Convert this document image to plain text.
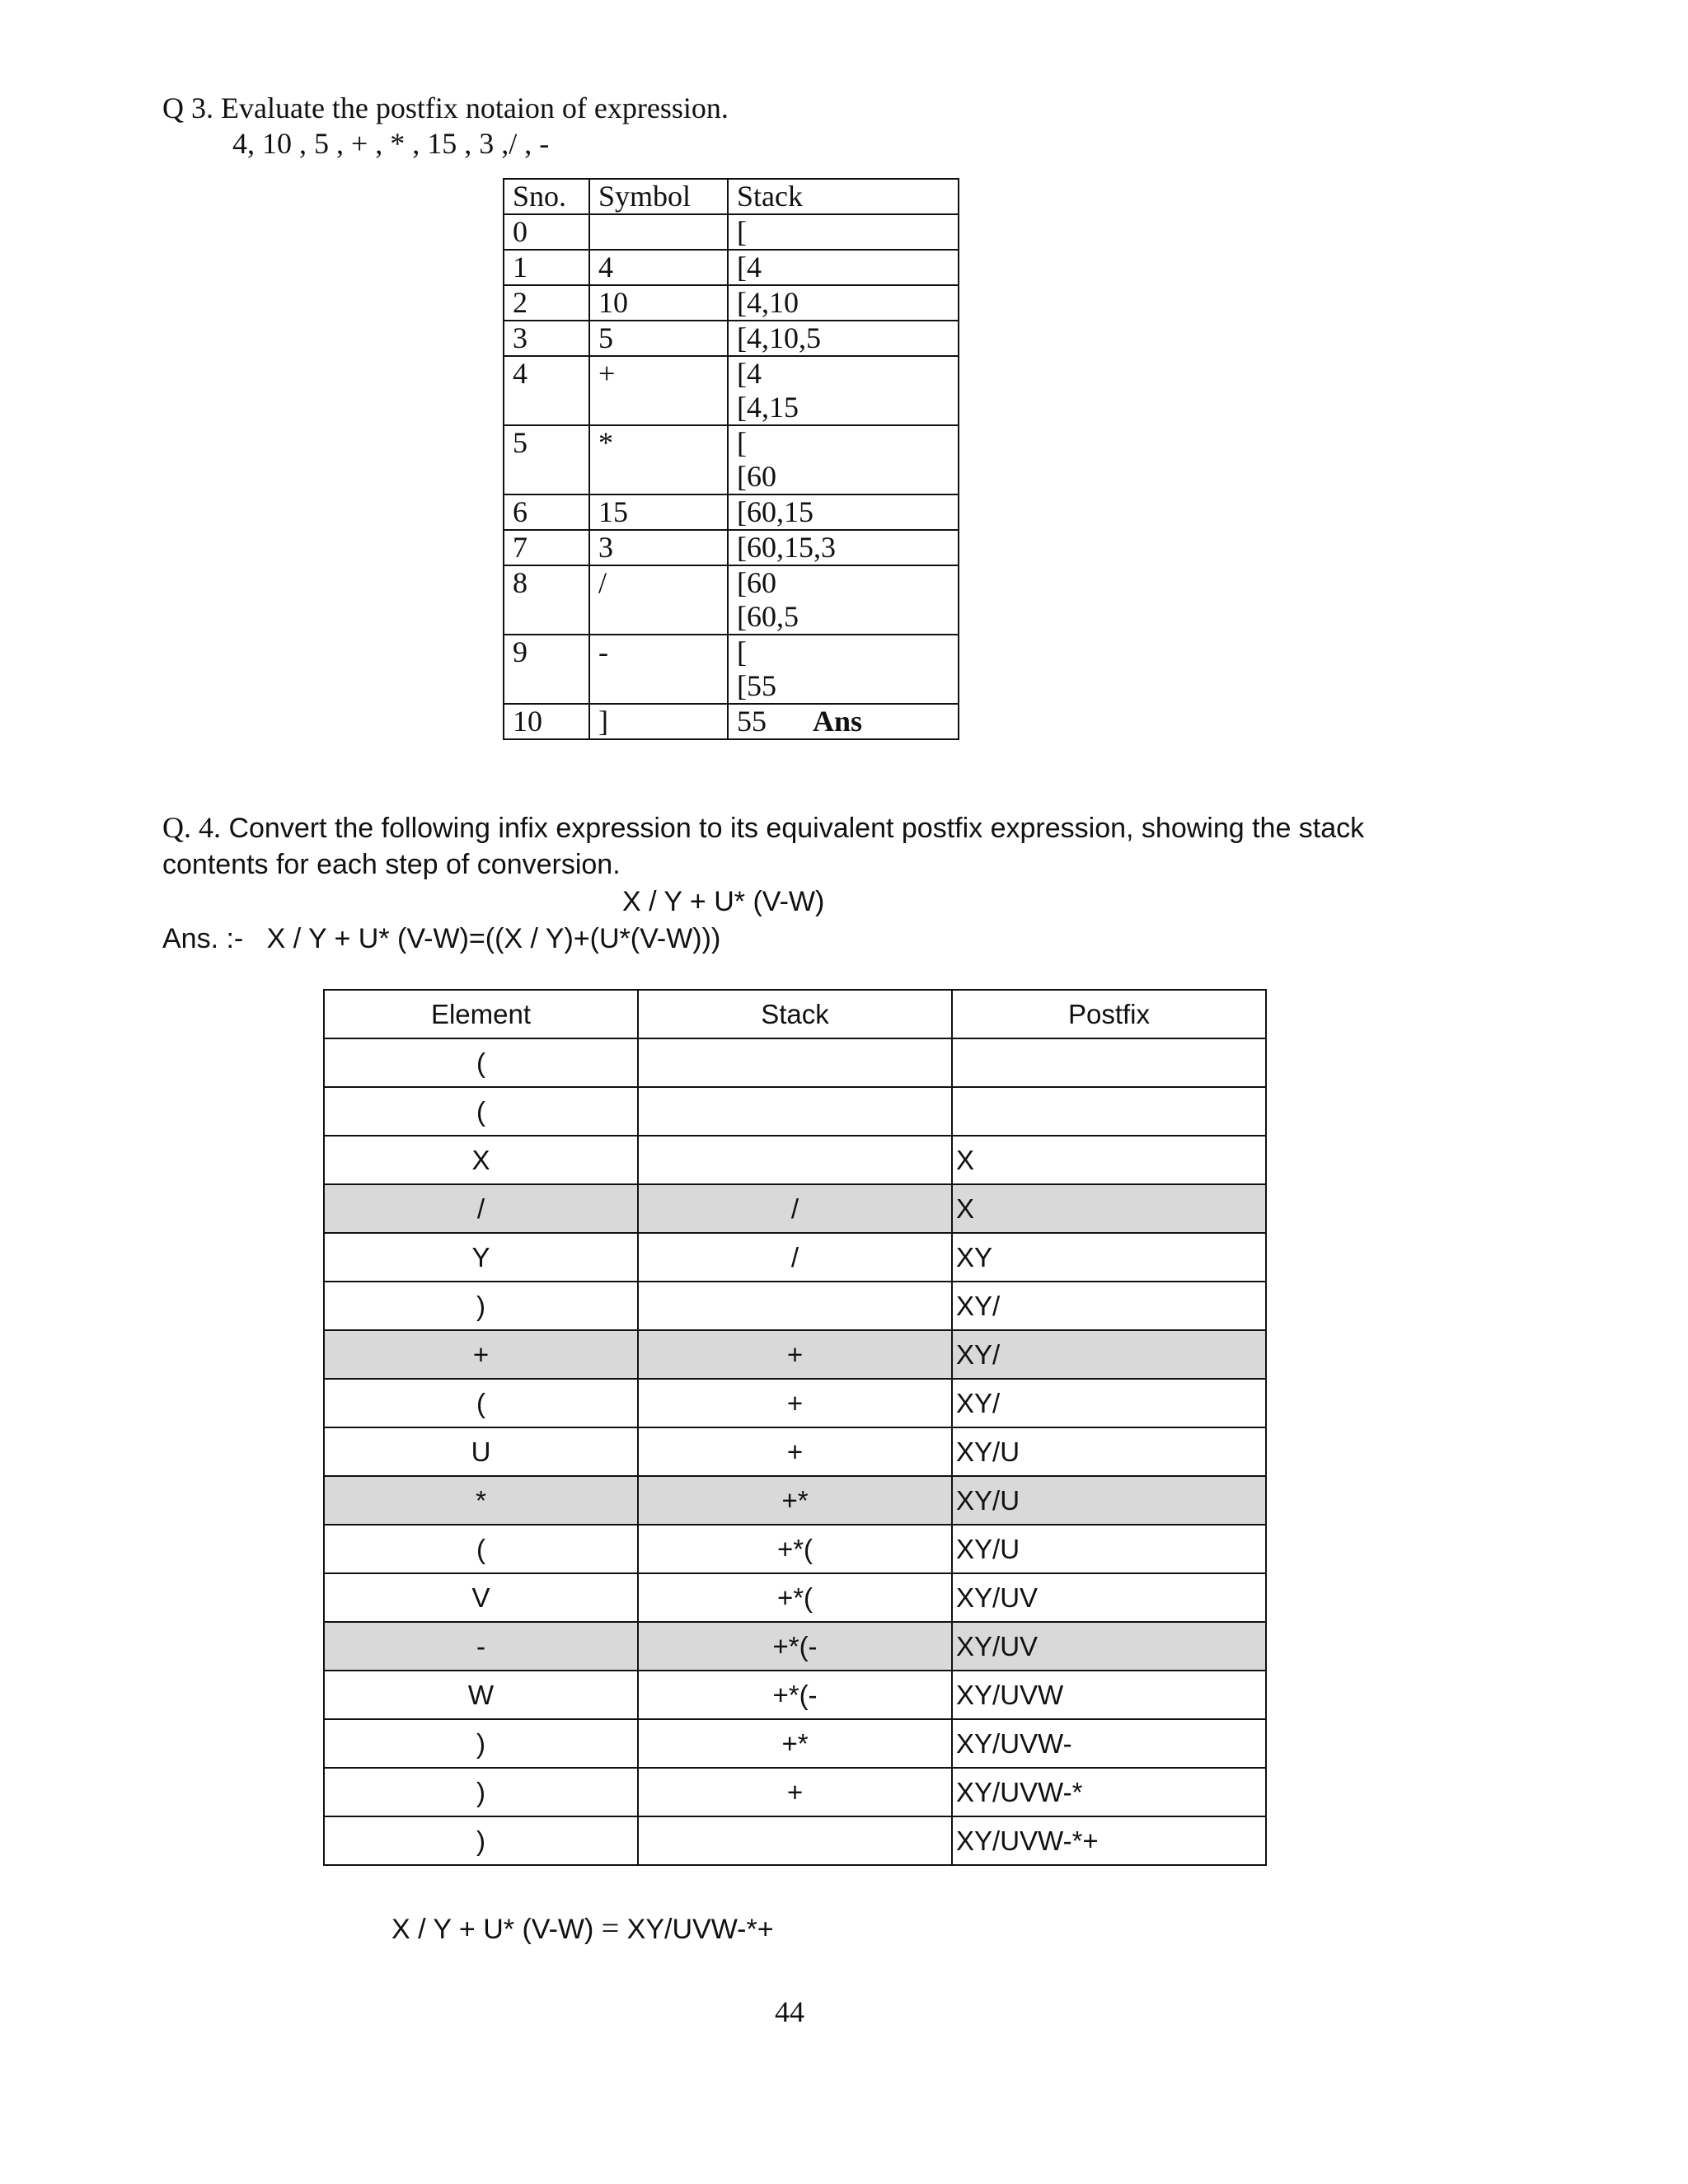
Q 3. Evaluate the postfix notaion of expression.
4, 10 , 5 , + , * , 15 , 3 ,/ , -
Sno.	Symbol	Stack
0		[

1	4	[4

2	10	[4,10

3	5	[4,10,5

4	+	[4
[4,15

5	*	[
[60

6	15	[60,15

7	3	[60,15,3

8	/	[60
[60,5

9	-	[
[55

10	]	55 Ans
Q. 4. Convert the following infix expression to its equivalent postfix expression, showing the stack
contents for each step of conversion.
X / Y + U* (V-W)
Ans. :-   X / Y + U* (V-W)=((X / Y)+(U*(V-W)))
Element	Stack	Postfix
(		
(		
X		X
/	/	X
Y	/	XY
)		XY/
+	+	XY/
(	+	XY/
U	+	XY/U
*	+*	XY/U
(	+*(	XY/U
V	+*(	XY/UV
-	+*(-	XY/UV
W	+*(-	XY/UVW
)	+*	XY/UVW-
)	+	XY/UVW-*
)		XY/UVW-*+
X / Y + U* (V-W) = XY/UVW-*+
44
